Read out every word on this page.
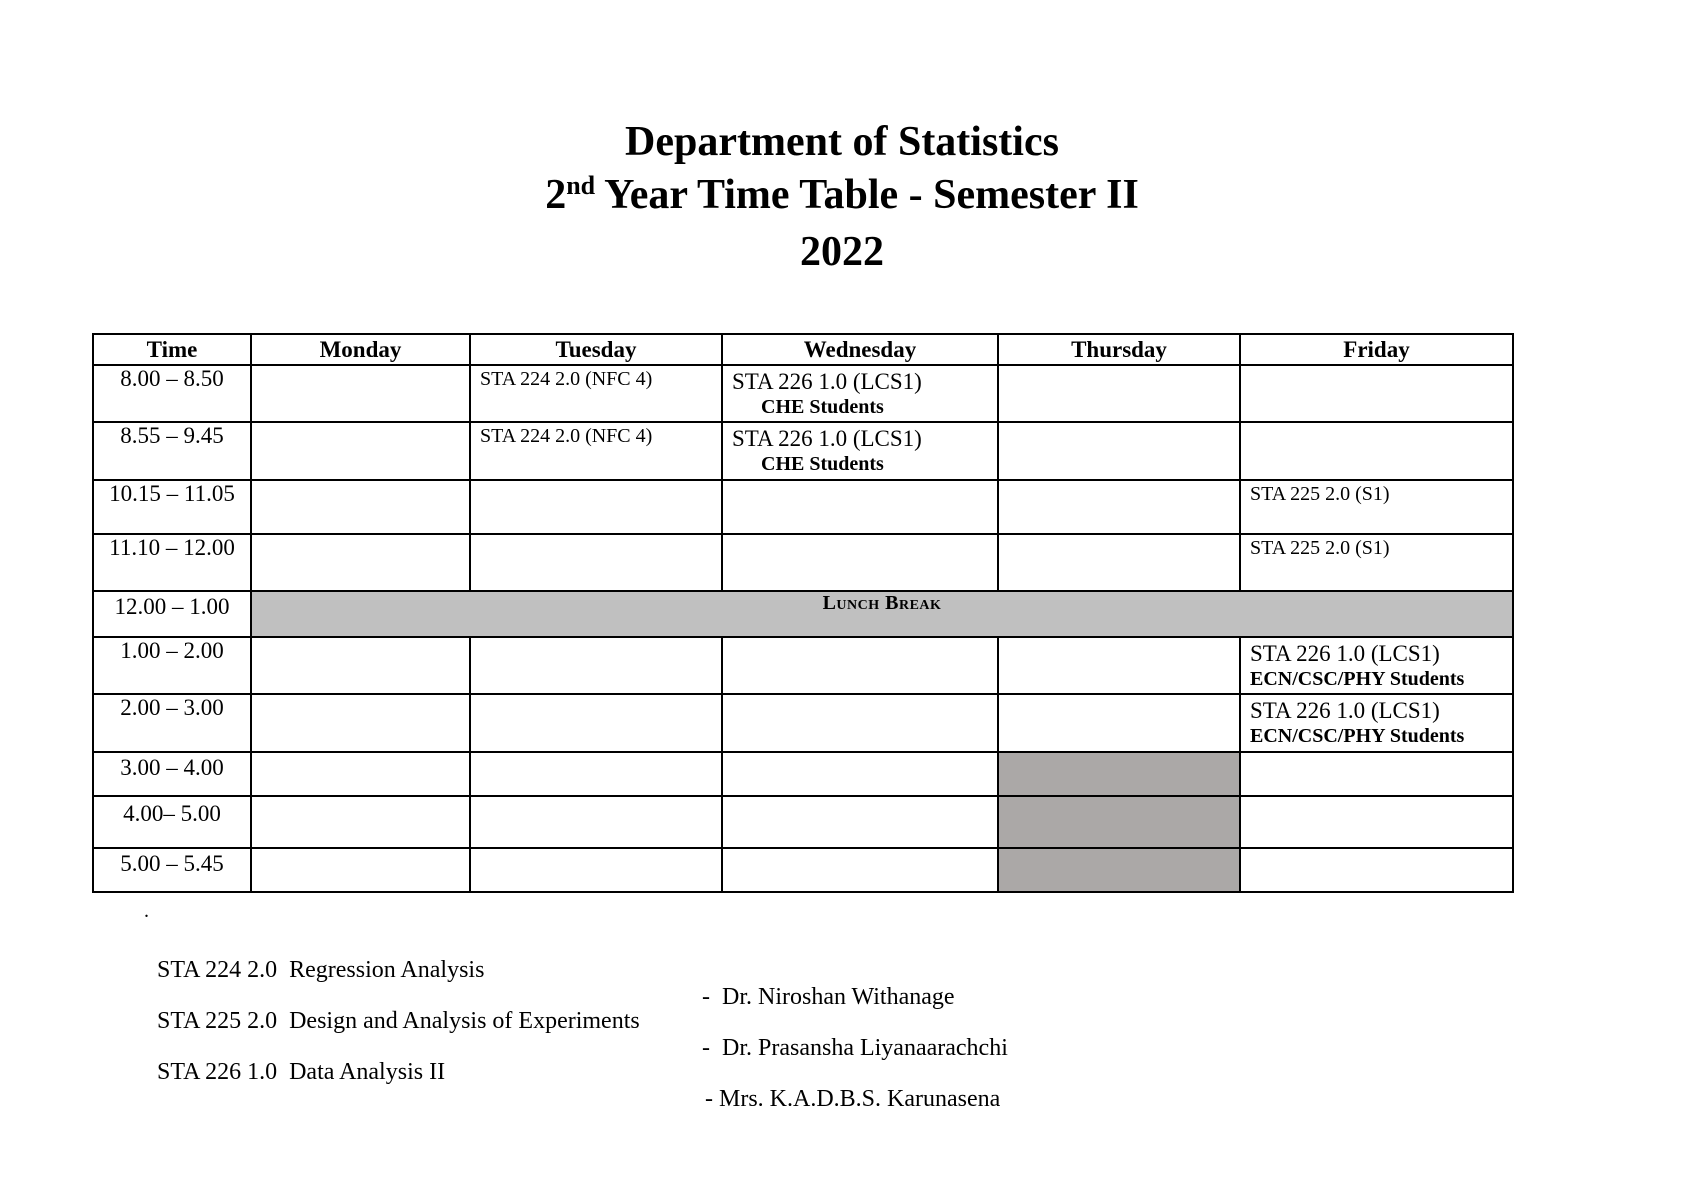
Department of Statistics
2nd Year Time Table - Semester II
2022
Time	Monday	Tuesday	Wednesday	Thursday	Friday
8.00 – 8.50		STA 224 2.0 (NFC 4)	STA 226 1.0 (LCS1)
CHE Students		

8.55 – 9.45		STA 224 2.0 (NFC 4)	STA 226 1.0 (LCS1)
CHE Students		

10.15 – 11.05					STA 225 2.0 (S1)

11.10 – 12.00					STA 225 2.0 (S1)

12.00 – 1.00	Lunch Break				
1.00 – 2.00					STA 226 1.0 (LCS1)
ECN/CSC/PHY Students

2.00 – 3.00					STA 226 1.0 (LCS1)
ECN/CSC/PHY Students

3.00 – 4.00					
4.00– 5.00					
5.00 – 5.45					
.

STA 224 2.0  Regression Analysis

-  Dr. Niroshan Withanage

STA 225 2.0  Design and Analysis of Experiments

-  Dr. Prasansha Liyanaarachchi

STA 226 1.0  Data Analysis II

- Mrs. K.A.D.B.S. Karunasena
